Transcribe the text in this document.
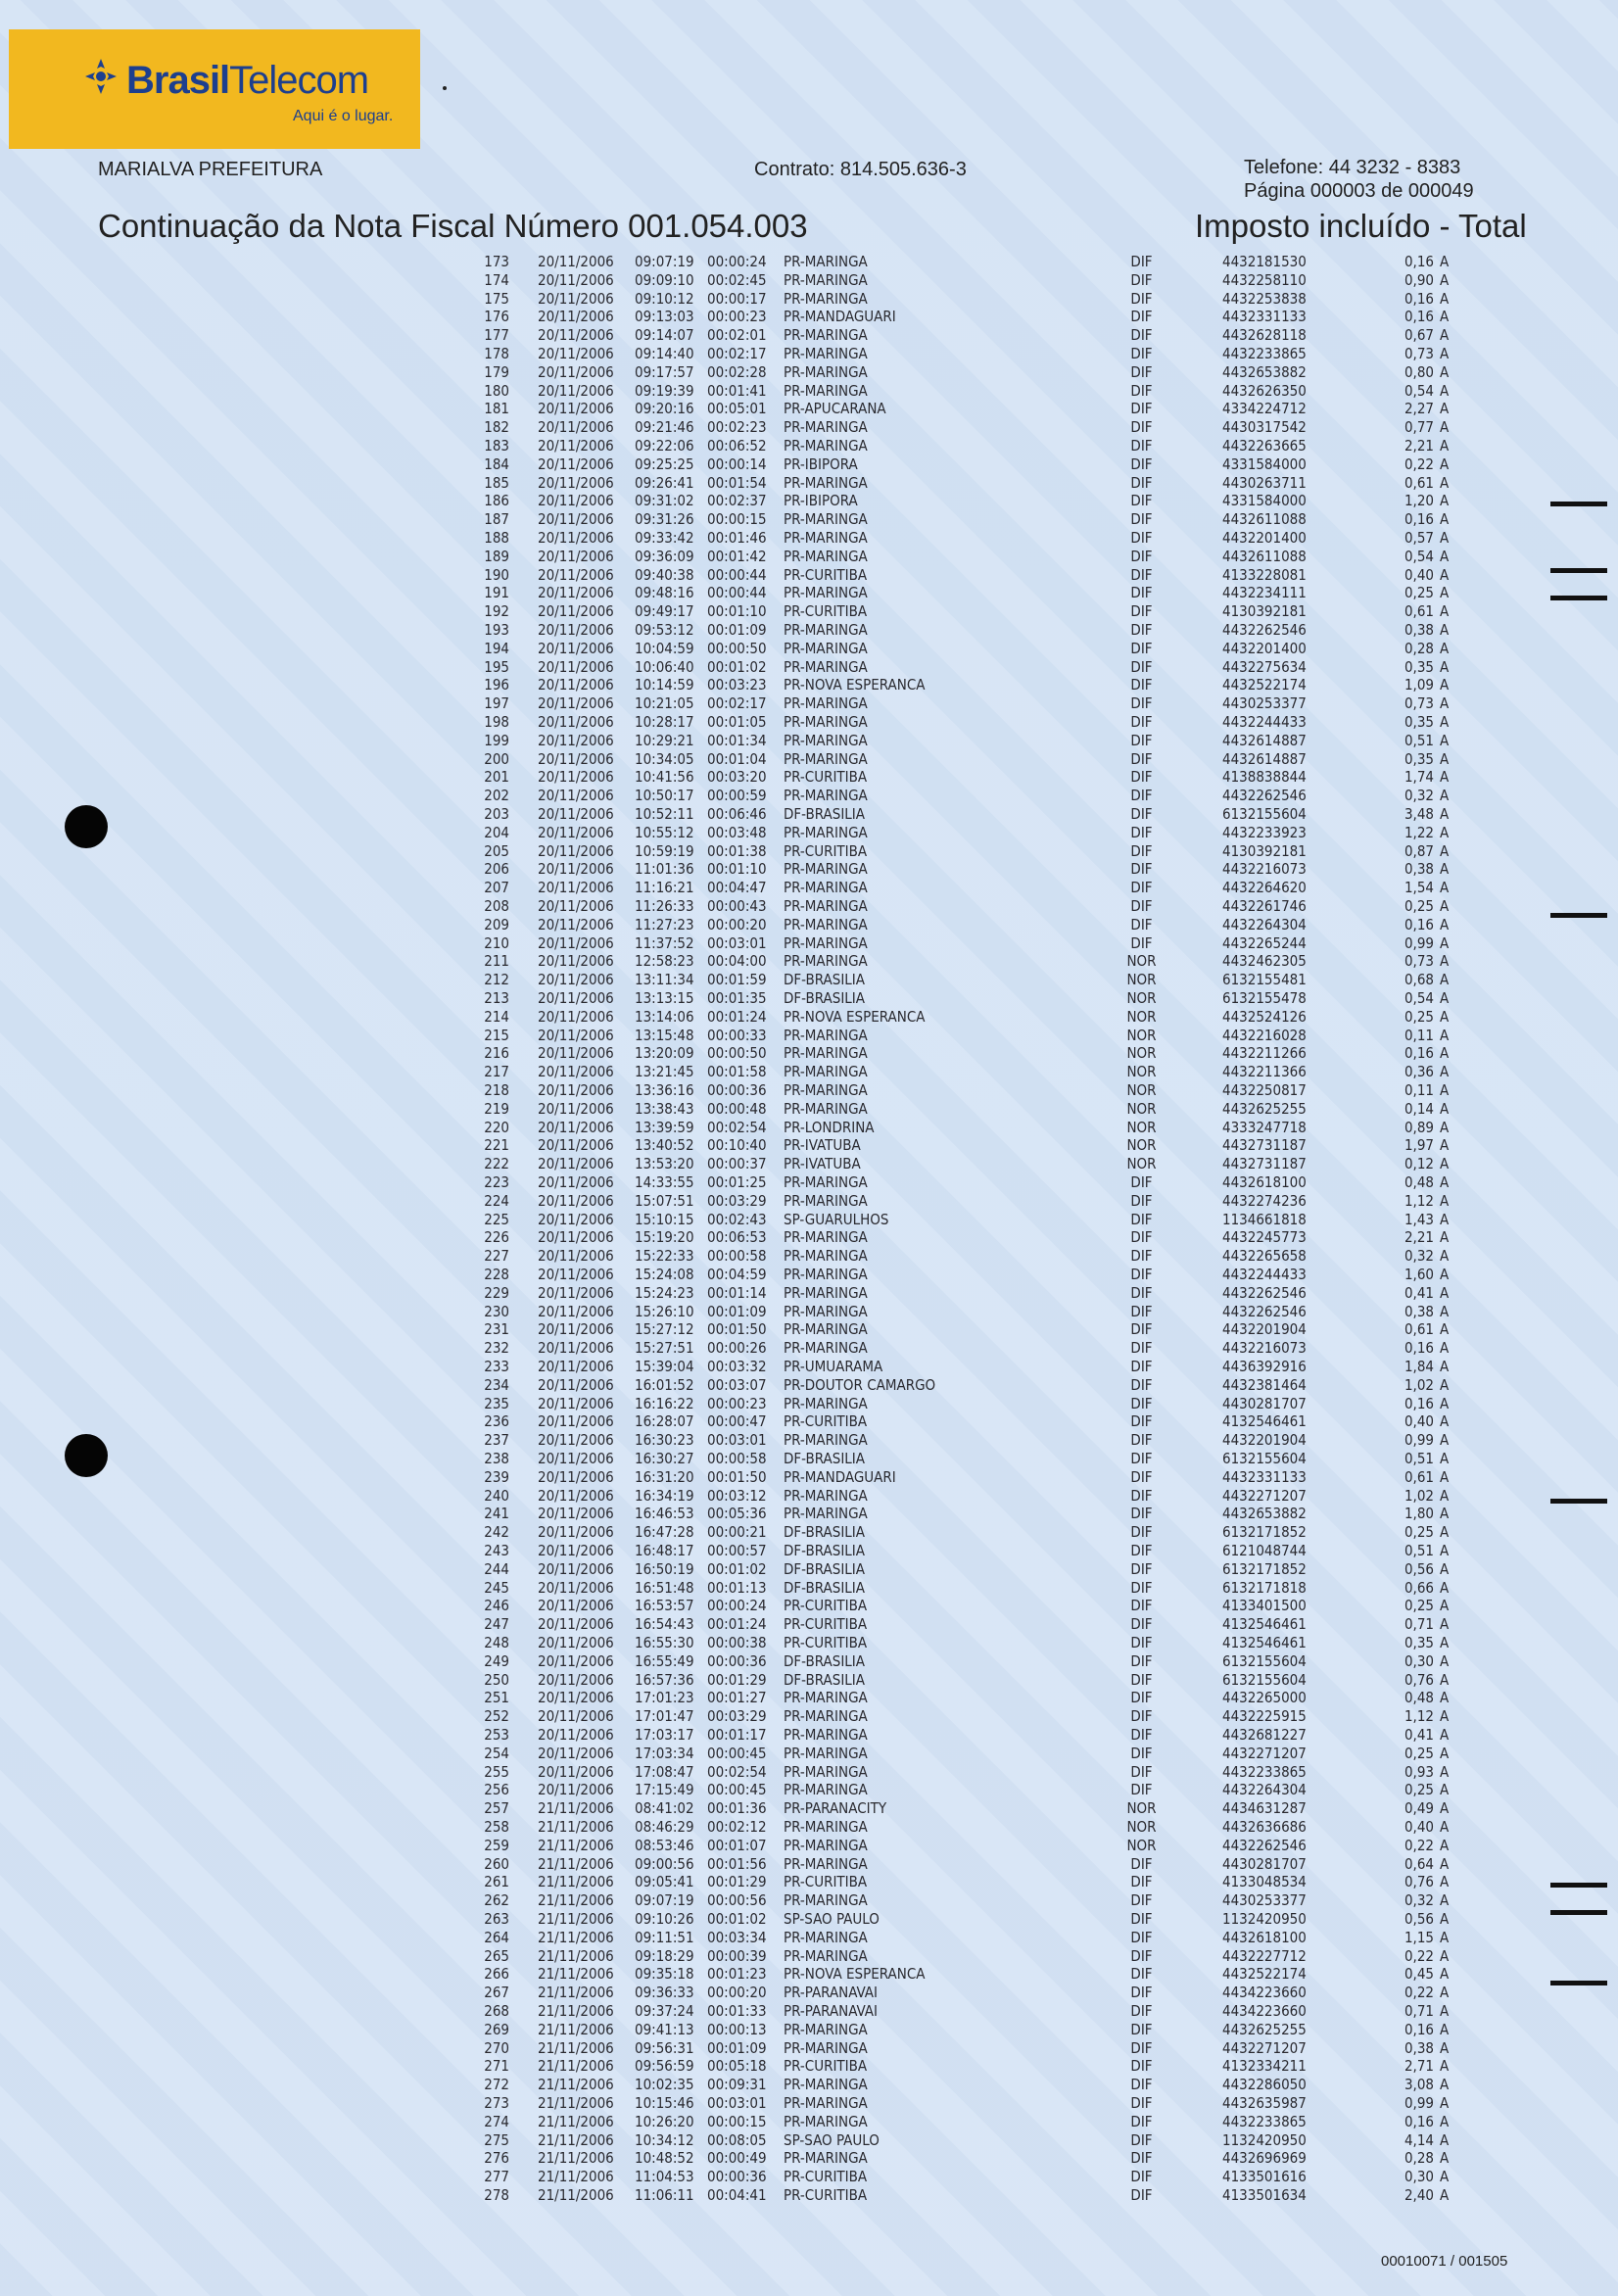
BrasilTelecom
Aqui é o lugar.
MARIALVA PREFEITURA	Contrato: 814.505.636-3	Telefone: 44 3232 - 8383
Página 000003 de 000049
Continuação da Nota Fiscal Número 001.054.003	Imposto incluído - Total
173 20/11/2006 09:07:19 00:00:24 PR-MARINGA	DIF	4432181530	0,16 A
174 20/11/2006 09:09:10 00:02:45 PR-MARINGA	DIF	4432258110	0,90 A
175 20/11/2006 09:10:12 00:00:17 PR-MARINGA	DIF	4432253838	0,16 A
176 20/11/2006 09:13:03 00:00:23 PR-MANDAGUARI	DIF	4432331133	0,16 A
177 20/11/2006 09:14:07 00:02:01 PR-MARINGA	DIF	4432628118	0,67 A
178 20/11/2006 09:14:40 00:02:17 PR-MARINGA	DIF	4432233865	0,73 A
179 20/11/2006 09:17:57 00:02:28 PR-MARINGA	DIF	4432653882	0,80 A
180 20/11/2006 09:19:39 00:01:41 PR-MARINGA	DIF	4432626350	0,54 A
181 20/11/2006 09:20:16 00:05:01 PR-APUCARANA	DIF	4334224712	2,27 A
182 20/11/2006 09:21:46 00:02:23 PR-MARINGA	DIF	4430317542	0,77 A
183 20/11/2006 09:22:06 00:06:52 PR-MARINGA	DIF	4432263665	2,21 A
184 20/11/2006 09:25:25 00:00:14 PR-IBIPORA	DIF	4331584000	0,22 A
185 20/11/2006 09:26:41 00:01:54 PR-MARINGA	DIF	4430263711	0,61 A
186 20/11/2006 09:31:02 00:02:37 PR-IBIPORA	DIF	4331584000	1,20 A
187 20/11/2006 09:31:26 00:00:15 PR-MARINGA	DIF	4432611088	0,16 A
188 20/11/2006 09:33:42 00:01:46 PR-MARINGA	DIF	4432201400	0,57 A
189 20/11/2006 09:36:09 00:01:42 PR-MARINGA	DIF	4432611088	0,54 A
190 20/11/2006 09:40:38 00:00:44 PR-CURITIBA	DIF	4133228081	0,40 A
191 20/11/2006 09:48:16 00:00:44 PR-MARINGA	DIF	4432234111	0,25 A
192 20/11/2006 09:49:17 00:01:10 PR-CURITIBA	DIF	4130392181	0,61 A
193 20/11/2006 09:53:12 00:01:09 PR-MARINGA	DIF	4432262546	0,38 A
194 20/11/2006 10:04:59 00:00:50 PR-MARINGA	DIF	4432201400	0,28 A
195 20/11/2006 10:06:40 00:01:02 PR-MARINGA	DIF	4432275634	0,35 A
196 20/11/2006 10:14:59 00:03:23 PR-NOVA ESPERANCA	DIF	4432522174	1,09 A
197 20/11/2006 10:21:05 00:02:17 PR-MARINGA	DIF	4430253377	0,73 A
198 20/11/2006 10:28:17 00:01:05 PR-MARINGA	DIF	4432244433	0,35 A
199 20/11/2006 10:29:21 00:01:34 PR-MARINGA	DIF	4432614887	0,51 A
200 20/11/2006 10:34:05 00:01:04 PR-MARINGA	DIF	4432614887	0,35 A
201 20/11/2006 10:41:56 00:03:20 PR-CURITIBA	DIF	4138838844	1,74 A
202 20/11/2006 10:50:17 00:00:59 PR-MARINGA	DIF	4432262546	0,32 A
203 20/11/2006 10:52:11 00:06:46 DF-BRASILIA	DIF	6132155604	3,48 A
204 20/11/2006 10:55:12 00:03:48 PR-MARINGA	DIF	4432233923	1,22 A
205 20/11/2006 10:59:19 00:01:38 PR-CURITIBA	DIF	4130392181	0,87 A
206 20/11/2006 11:01:36 00:01:10 PR-MARINGA	DIF	4432216073	0,38 A
207 20/11/2006 11:16:21 00:04:47 PR-MARINGA	DIF	4432264620	1,54 A
208 20/11/2006 11:26:33 00:00:43 PR-MARINGA	DIF	4432261746	0,25 A
209 20/11/2006 11:27:23 00:00:20 PR-MARINGA	DIF	4432264304	0,16 A
210 20/11/2006 11:37:52 00:03:01 PR-MARINGA	DIF	4432265244	0,99 A
211 20/11/2006 12:58:23 00:04:00 PR-MARINGA	NOR	4432462305	0,73 A
212 20/11/2006 13:11:34 00:01:59 DF-BRASILIA	NOR	6132155481	0,68 A
213 20/11/2006 13:13:15 00:01:35 DF-BRASILIA	NOR	6132155478	0,54 A
214 20/11/2006 13:14:06 00:01:24 PR-NOVA ESPERANCA	NOR	4432524126	0,25 A
215 20/11/2006 13:15:48 00:00:33 PR-MARINGA	NOR	4432216028	0,11 A
216 20/11/2006 13:20:09 00:00:50 PR-MARINGA	NOR	4432211266	0,16 A
217 20/11/2006 13:21:45 00:01:58 PR-MARINGA	NOR	4432211366	0,36 A
218 20/11/2006 13:36:16 00:00:36 PR-MARINGA	NOR	4432250817	0,11 A
219 20/11/2006 13:38:43 00:00:48 PR-MARINGA	NOR	4432625255	0,14 A
220 20/11/2006 13:39:59 00:02:54 PR-LONDRINA	NOR	4333247718	0,89 A
221 20/11/2006 13:40:52 00:10:40 PR-IVATUBA	NOR	4432731187	1,97 A
222 20/11/2006 13:53:20 00:00:37 PR-IVATUBA	NOR	4432731187	0,12 A
223 20/11/2006 14:33:55 00:01:25 PR-MARINGA	DIF	4432618100	0,48 A
224 20/11/2006 15:07:51 00:03:29 PR-MARINGA	DIF	4432274236	1,12 A
225 20/11/2006 15:10:15 00:02:43 SP-GUARULHOS	DIF	1134661818	1,43 A
226 20/11/2006 15:19:20 00:06:53 PR-MARINGA	DIF	4432245773	2,21 A
227 20/11/2006 15:22:33 00:00:58 PR-MARINGA	DIF	4432265658	0,32 A
228 20/11/2006 15:24:08 00:04:59 PR-MARINGA	DIF	4432244433	1,60 A
229 20/11/2006 15:24:23 00:01:14 PR-MARINGA	DIF	4432262546	0,41 A
230 20/11/2006 15:26:10 00:01:09 PR-MARINGA	DIF	4432262546	0,38 A
231 20/11/2006 15:27:12 00:01:50 PR-MARINGA	DIF	4432201904	0,61 A
232 20/11/2006 15:27:51 00:00:26 PR-MARINGA	DIF	4432216073	0,16 A
233 20/11/2006 15:39:04 00:03:32 PR-UMUARAMA	DIF	4436392916	1,84 A
234 20/11/2006 16:01:52 00:03:07 PR-DOUTOR CAMARGO	DIF	4432381464	1,02 A
235 20/11/2006 16:16:22 00:00:23 PR-MARINGA	DIF	4430281707	0,16 A
236 20/11/2006 16:28:07 00:00:47 PR-CURITIBA	DIF	4132546461	0,40 A
237 20/11/2006 16:30:23 00:03:01 PR-MARINGA	DIF	4432201904	0,99 A
238 20/11/2006 16:30:27 00:00:58 DF-BRASILIA	DIF	6132155604	0,51 A
239 20/11/2006 16:31:20 00:01:50 PR-MANDAGUARI	DIF	4432331133	0,61 A
240 20/11/2006 16:34:19 00:03:12 PR-MARINGA	DIF	4432271207	1,02 A
241 20/11/2006 16:46:53 00:05:36 PR-MARINGA	DIF	4432653882	1,80 A
242 20/11/2006 16:47:28 00:00:21 DF-BRASILIA	DIF	6132171852	0,25 A
243 20/11/2006 16:48:17 00:00:57 DF-BRASILIA	DIF	6121048744	0,51 A
244 20/11/2006 16:50:19 00:01:02 DF-BRASILIA	DIF	6132171852	0,56 A
245 20/11/2006 16:51:48 00:01:13 DF-BRASILIA	DIF	6132171818	0,66 A
246 20/11/2006 16:53:57 00:00:24 PR-CURITIBA	DIF	4133401500	0,25 A
247 20/11/2006 16:54:43 00:01:24 PR-CURITIBA	DIF	4132546461	0,71 A
248 20/11/2006 16:55:30 00:00:38 PR-CURITIBA	DIF	4132546461	0,35 A
249 20/11/2006 16:55:49 00:00:36 DF-BRASILIA	DIF	6132155604	0,30 A
250 20/11/2006 16:57:36 00:01:29 DF-BRASILIA	DIF	6132155604	0,76 A
251 20/11/2006 17:01:23 00:01:27 PR-MARINGA	DIF	4432265000	0,48 A
252 20/11/2006 17:01:47 00:03:29 PR-MARINGA	DIF	4432225915	1,12 A
253 20/11/2006 17:03:17 00:01:17 PR-MARINGA	DIF	4432681227	0,41 A
254 20/11/2006 17:03:34 00:00:45 PR-MARINGA	DIF	4432271207	0,25 A
255 20/11/2006 17:08:47 00:02:54 PR-MARINGA	DIF	4432233865	0,93 A
256 20/11/2006 17:15:49 00:00:45 PR-MARINGA	DIF	4432264304	0,25 A
257 21/11/2006 08:41:02 00:01:36 PR-PARANACITY	NOR	4434631287	0,49 A
258 21/11/2006 08:46:29 00:02:12 PR-MARINGA	NOR	4432636686	0,40 A
259 21/11/2006 08:53:46 00:01:07 PR-MARINGA	NOR	4432262546	0,22 A
260 21/11/2006 09:00:56 00:01:56 PR-MARINGA	DIF	4430281707	0,64 A
261 21/11/2006 09:05:41 00:01:29 PR-CURITIBA	DIF	4133048534	0,76 A
262 21/11/2006 09:07:19 00:00:56 PR-MARINGA	DIF	4430253377	0,32 A
263 21/11/2006 09:10:26 00:01:02 SP-SAO PAULO	DIF	1132420950	0,56 A
264 21/11/2006 09:11:51 00:03:34 PR-MARINGA	DIF	4432618100	1,15 A
265 21/11/2006 09:18:29 00:00:39 PR-MARINGA	DIF	4432227712	0,22 A
266 21/11/2006 09:35:18 00:01:23 PR-NOVA ESPERANCA	DIF	4432522174	0,45 A
267 21/11/2006 09:36:33 00:00:20 PR-PARANAVAI	DIF	4434223660	0,22 A
268 21/11/2006 09:37:24 00:01:33 PR-PARANAVAI	DIF	4434223660	0,71 A
269 21/11/2006 09:41:13 00:00:13 PR-MARINGA	DIF	4432625255	0,16 A
270 21/11/2006 09:56:31 00:01:09 PR-MARINGA	DIF	4432271207	0,38 A
271 21/11/2006 09:56:59 00:05:18 PR-CURITIBA	DIF	4132334211	2,71 A
272 21/11/2006 10:02:35 00:09:31 PR-MARINGA	DIF	4432286050	3,08 A
273 21/11/2006 10:15:46 00:03:01 PR-MARINGA	DIF	4432635987	0,99 A
274 21/11/2006 10:26:20 00:00:15 PR-MARINGA	DIF	4432233865	0,16 A
275 21/11/2006 10:34:12 00:08:05 SP-SAO PAULO	DIF	1132420950	4,14 A
276 21/11/2006 10:48:52 00:00:49 PR-MARINGA	DIF	4432696969	0,28 A
277 21/11/2006 11:04:53 00:00:36 PR-CURITIBA	DIF	4133501616	0,30 A
278 21/11/2006 11:06:11 00:04:41 PR-CURITIBA	DIF	4133501634	2,40 A
00010071 / 001505
